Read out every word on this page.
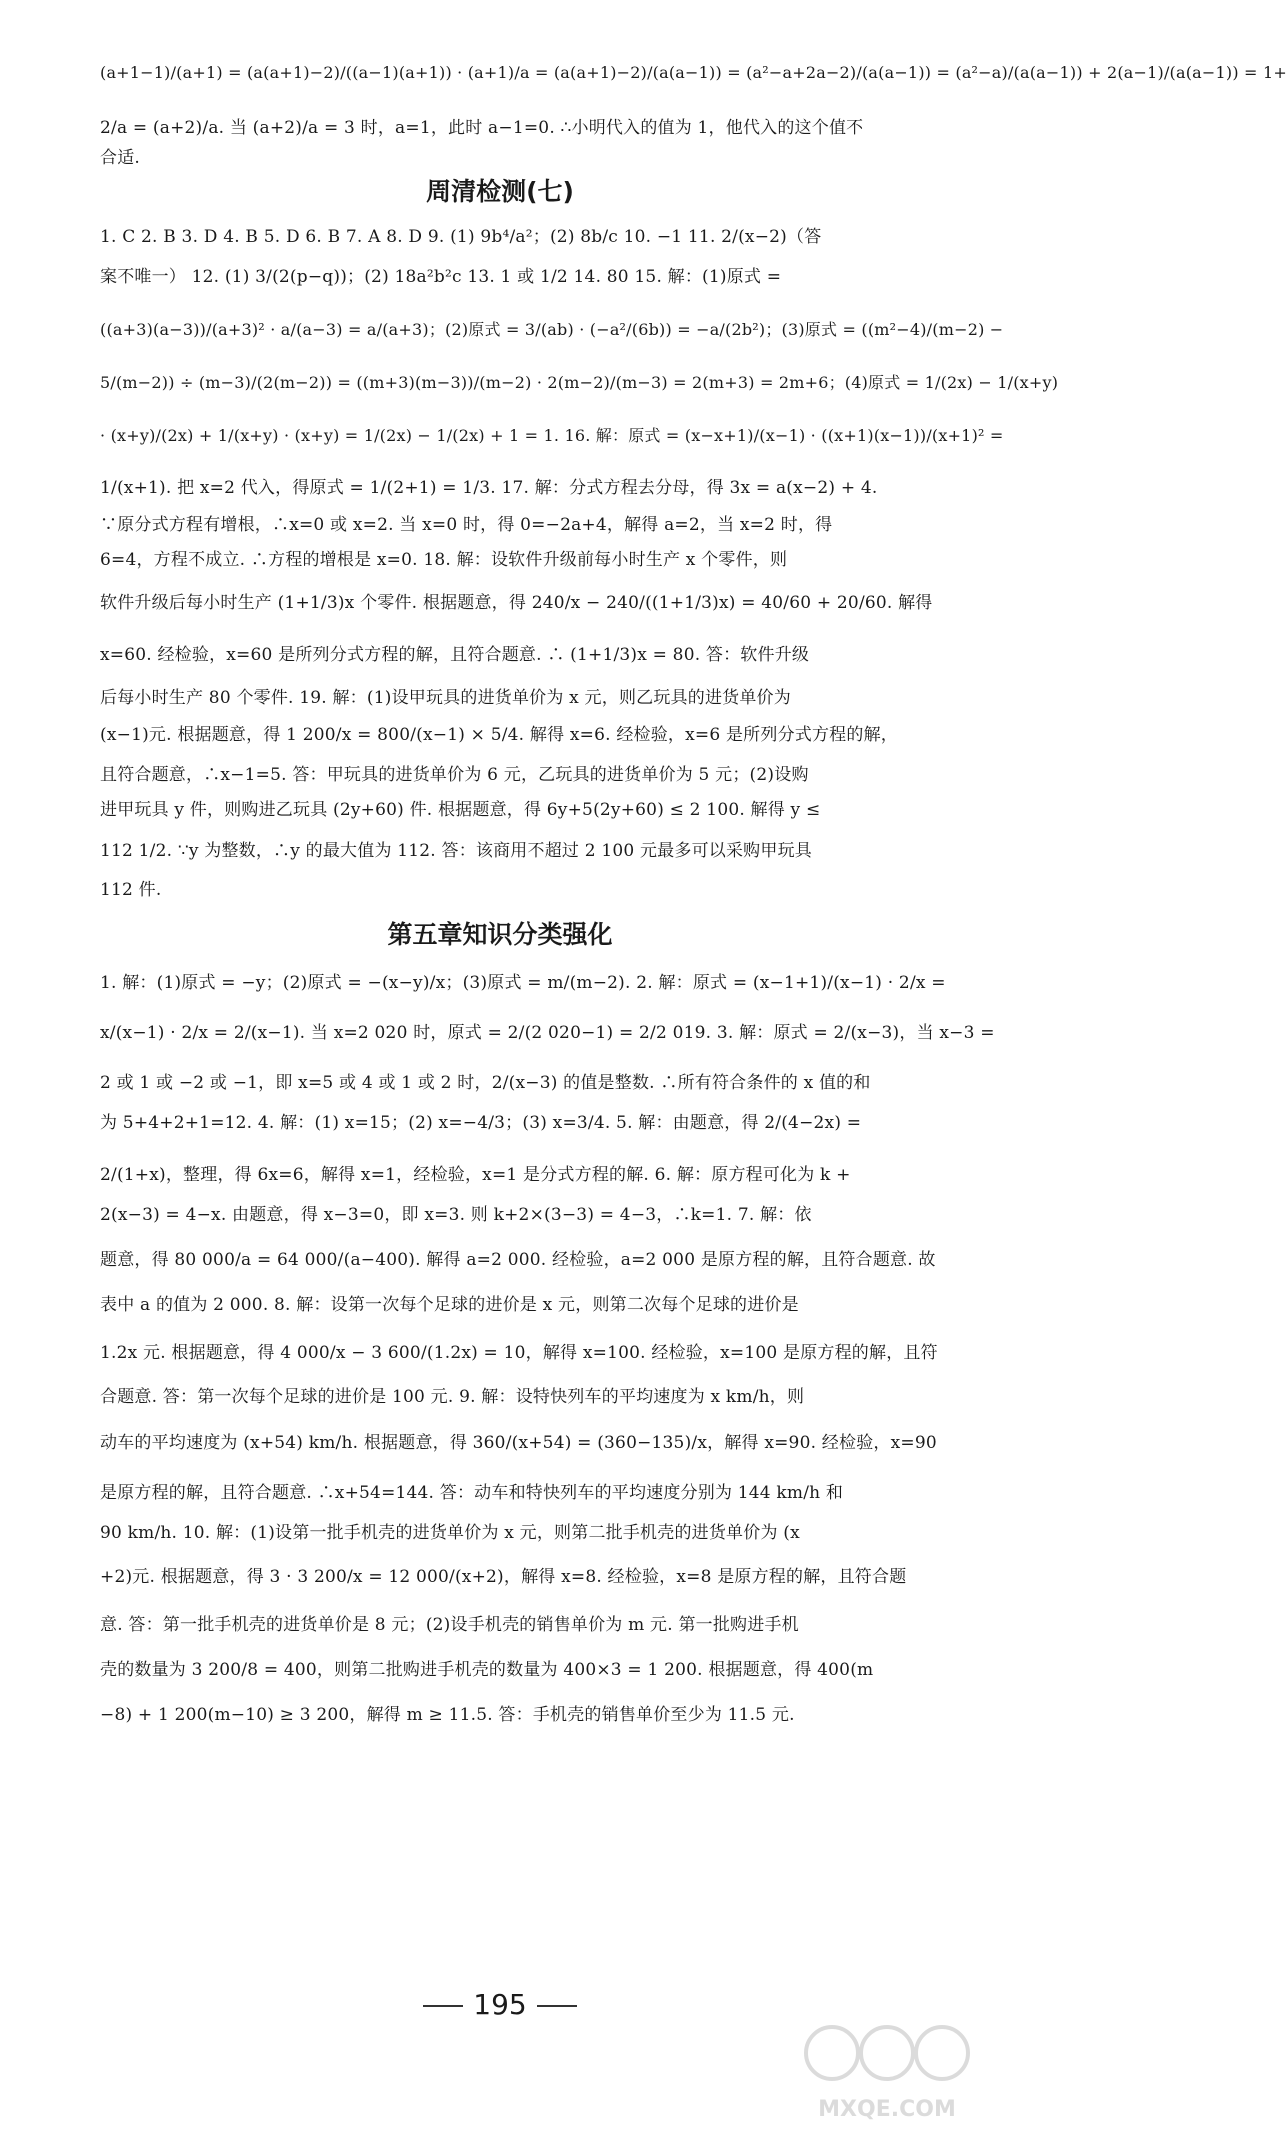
(a+1−1)/(a+1) = (a(a+1)−2)/((a−1)(a+1)) · (a+1)/a = (a(a+1)−2)/(a(a−1)) = (a²−a+2a−2)/(a(a−1)) = (a²−a)/(a(a−1)) + 2(a−1)/(a(a−1)) = 1+
2/a = (a+2)/a. 当 (a+2)/a = 3 时，a=1，此时 a−1=0. ∴小明代入的值为 1，他代入的这个值不
合适.
周清检测(七)
1. C 2. B 3. D 4. B 5. D 6. B 7. A 8. D 9. (1) 9b⁴/a²；(2) 8b/c 10. −1 11. 2/(x−2)（答
案不唯一） 12. (1) 3/(2(p−q))；(2) 18a²b²c 13. 1 或 1/2 14. 80 15. 解：(1)原式 =
((a+3)(a−3))/(a+3)² · a/(a−3) = a/(a+3)；(2)原式 = 3/(ab) · (−a²/(6b)) = −a/(2b²)；(3)原式 = ((m²−4)/(m−2) −
5/(m−2)) ÷ (m−3)/(2(m−2)) = ((m+3)(m−3))/(m−2) · 2(m−2)/(m−3) = 2(m+3) = 2m+6；(4)原式 = 1/(2x) − 1/(x+y)
· (x+y)/(2x) + 1/(x+y) · (x+y) = 1/(2x) − 1/(2x) + 1 = 1. 16. 解：原式 = (x−x+1)/(x−1) · ((x+1)(x−1))/(x+1)² =
1/(x+1). 把 x=2 代入，得原式 = 1/(2+1) = 1/3. 17. 解：分式方程去分母，得 3x = a(x−2) + 4.
∵原分式方程有增根，∴x=0 或 x=2. 当 x=0 时，得 0=−2a+4，解得 a=2，当 x=2 时，得
6=4，方程不成立. ∴方程的增根是 x=0. 18. 解：设软件升级前每小时生产 x 个零件，则
软件升级后每小时生产 (1+1/3)x 个零件. 根据题意，得 240/x − 240/((1+1/3)x) = 40/60 + 20/60. 解得
x=60. 经检验，x=60 是所列分式方程的解，且符合题意. ∴ (1+1/3)x = 80. 答：软件升级
后每小时生产 80 个零件. 19. 解：(1)设甲玩具的进货单价为 x 元，则乙玩具的进货单价为
(x−1)元. 根据题意，得 1 200/x = 800/(x−1) × 5/4. 解得 x=6. 经检验，x=6 是所列分式方程的解，
且符合题意，∴x−1=5. 答：甲玩具的进货单价为 6 元，乙玩具的进货单价为 5 元；(2)设购
进甲玩具 y 件，则购进乙玩具 (2y+60) 件. 根据题意，得 6y+5(2y+60) ≤ 2 100. 解得 y ≤
112 1/2. ∵y 为整数，∴y 的最大值为 112. 答：该商用不超过 2 100 元最多可以采购甲玩具
112 件.
第五章知识分类强化
1. 解：(1)原式 = −y；(2)原式 = −(x−y)/x；(3)原式 = m/(m−2). 2. 解：原式 = (x−1+1)/(x−1) · 2/x =
x/(x−1) · 2/x = 2/(x−1). 当 x=2 020 时，原式 = 2/(2 020−1) = 2/2 019. 3. 解：原式 = 2/(x−3)，当 x−3 =
2 或 1 或 −2 或 −1，即 x=5 或 4 或 1 或 2 时，2/(x−3) 的值是整数. ∴所有符合条件的 x 值的和
为 5+4+2+1=12. 4. 解：(1) x=15；(2) x=−4/3；(3) x=3/4. 5. 解：由题意，得 2/(4−2x) =
2/(1+x)，整理，得 6x=6，解得 x=1，经检验，x=1 是分式方程的解. 6. 解：原方程可化为 k +
2(x−3) = 4−x. 由题意，得 x−3=0，即 x=3. 则 k+2×(3−3) = 4−3，∴k=1. 7. 解：依
题意，得 80 000/a = 64 000/(a−400). 解得 a=2 000. 经检验，a=2 000 是原方程的解，且符合题意. 故
表中 a 的值为 2 000. 8. 解：设第一次每个足球的进价是 x 元，则第二次每个足球的进价是
1.2x 元. 根据题意，得 4 000/x − 3 600/(1.2x) = 10，解得 x=100. 经检验，x=100 是原方程的解，且符
合题意. 答：第一次每个足球的进价是 100 元. 9. 解：设特快列车的平均速度为 x km/h，则
动车的平均速度为 (x+54) km/h. 根据题意，得 360/(x+54) = (360−135)/x，解得 x=90. 经检验，x=90
是原方程的解，且符合题意. ∴x+54=144. 答：动车和特快列车的平均速度分别为 144 km/h 和
90 km/h. 10. 解：(1)设第一批手机壳的进货单价为 x 元，则第二批手机壳的进货单价为 (x
+2)元. 根据题意，得 3 · 3 200/x = 12 000/(x+2)，解得 x=8. 经检验，x=8 是原方程的解，且符合题
意. 答：第一批手机壳的进货单价是 8 元；(2)设手机壳的销售单价为 m 元. 第一批购进手机
壳的数量为 3 200/8 = 400，则第二批购进手机壳的数量为 400×3 = 1 200. 根据题意，得 400(m
−8) + 1 200(m−10) ≥ 3 200，解得 m ≥ 11.5. 答：手机壳的销售单价至少为 11.5 元.
195
MXQE.COM
